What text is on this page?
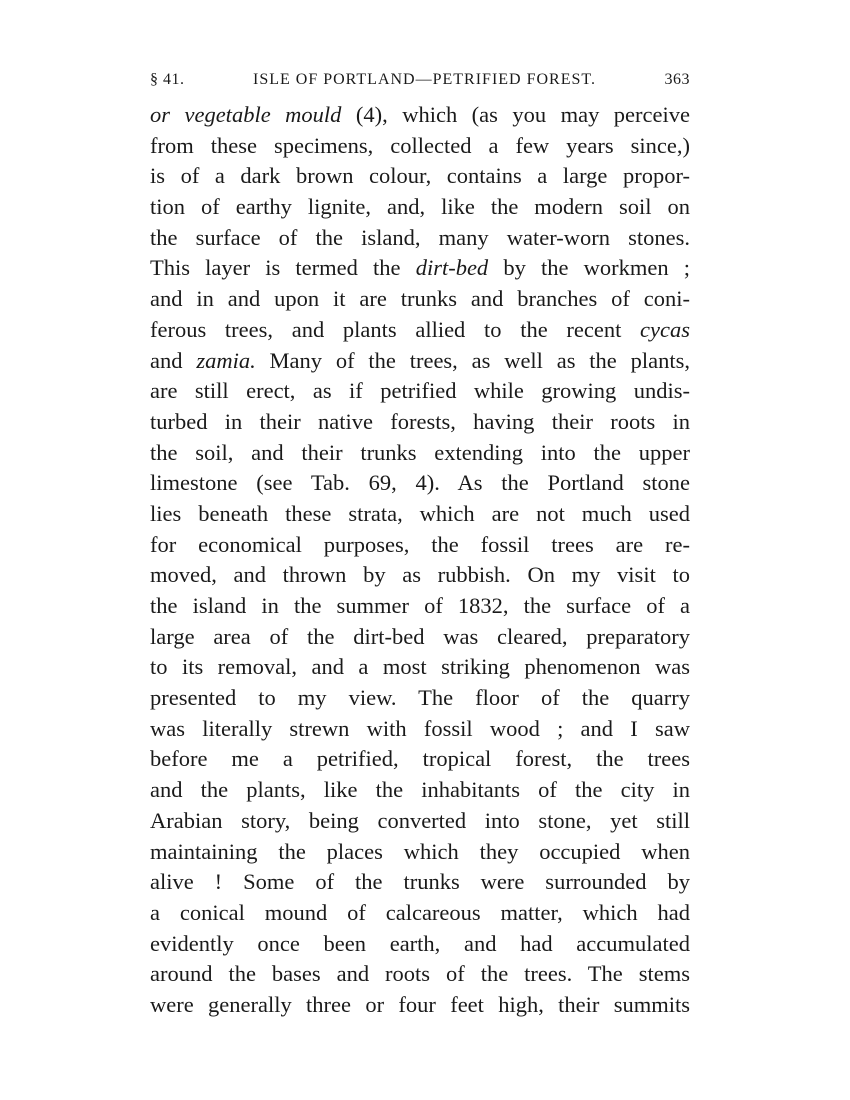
§ 41.	ISLE OF PORTLAND—PETRIFIED FOREST.	363
or vegetable mould (4), which (as you may perceive
from these specimens, collected a few years since,)
is of a dark brown colour, contains a large propor-
tion of earthy lignite, and, like the modern soil on
the surface of the island, many water-worn stones.
This layer is termed the dirt-bed by the workmen ;
and in and upon it are trunks and branches of coni-
ferous trees, and plants allied to the recent cycas
and zamia. Many of the trees, as well as the plants,
are still erect, as if petrified while growing undis-
turbed in their native forests, having their roots in
the soil, and their trunks extending into the upper
limestone (see Tab. 69, 4). As the Portland stone
lies beneath these strata, which are not much used
for economical purposes, the fossil trees are re-
moved, and thrown by as rubbish. On my visit to
the island in the summer of 1832, the surface of a
large area of the dirt-bed was cleared, preparatory
to its removal, and a most striking phenomenon was
presented to my view. The floor of the quarry
was literally strewn with fossil wood ; and I saw
before me a petrified, tropical forest, the trees
and the plants, like the inhabitants of the city in
Arabian story, being converted into stone, yet still
maintaining the places which they occupied when
alive ! Some of the trunks were surrounded by
a conical mound of calcareous matter, which had
evidently once been earth, and had accumulated
around the bases and roots of the trees. The stems
were generally three or four feet high, their summits
